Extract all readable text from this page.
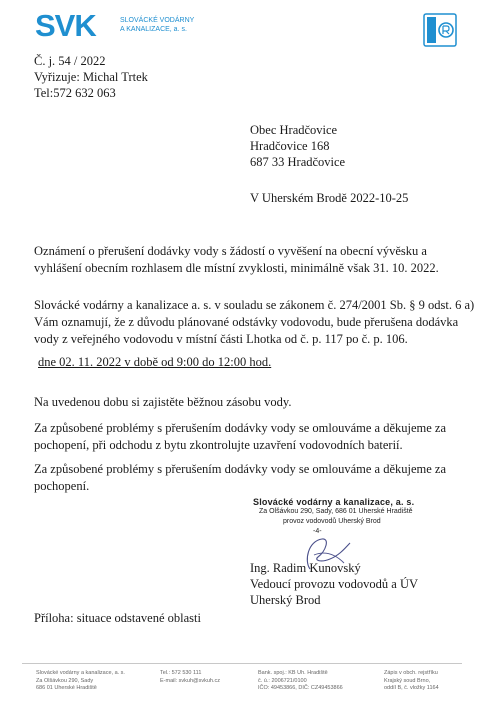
SVK	SLOVÁCKÉ VODÁRNY
A KANALIZACE, a. s.
Č. j. 54 / 2022
Vyřizuje: Michal Trtek
Tel:572 632 063
Obec Hradčovice
Hradčovice 168
687 33 Hradčovice
V Uherském Brodě 2022-10-25
Oznámení o přerušení dodávky vody s žádostí o vyvěšení na obecní vývěsku a
vyhlášení obecním rozhlasem dle místní zvyklosti, minimálně však 31. 10. 2022.
Slovácké vodárny a kanalizace a. s. v souladu se zákonem č. 274/2001 Sb. § 9 odst. 6 a)
Vám oznamují, že z důvodu plánované odstávky vodovodu, bude přerušena dodávka
vody z veřejného vodovodu v místní části Lhotka od č. p. 117 po č. p. 106.
dne 02. 11. 2022 v době od 9:00 do 12:00 hod.
Na uvedenou dobu si zajistěte běžnou zásobu vody.
Za způsobené problémy s přerušením dodávky vody se omlouváme a děkujeme za
pochopení, při odchodu z bytu zkontrolujte uzavření vodovodních baterií.
Za způsobené problémy s přerušením dodávky vody se omlouváme a děkujeme za
pochopení.
Slovácké vodárny a kanalizace, a. s.
Za Olšávkou 290, Sady, 686 01 Uherské Hradiště
provoz vodovodů Uherský Brod
-4-
Ing. Radim Kunovský
Vedoucí provozu vodovodů a ÚV
Uherský Brod
Příloha: situace odstavené oblasti
Slovácké vodárny a kanalizace, a. s.
Za Olšávkou 290, Sady
686 01 Uherské Hradiště
Tel.: 572 530 111
E-mail: svkuh@svkuh.cz
Bank. spoj.: KB Uh. Hradiště
č. ú.: 2006721/0100
IČO: 49453866, DIČ: CZ49453866
Zápis v obch. rejstříku
Krajský soud Brno,
oddíl B, č. vložky 1164
